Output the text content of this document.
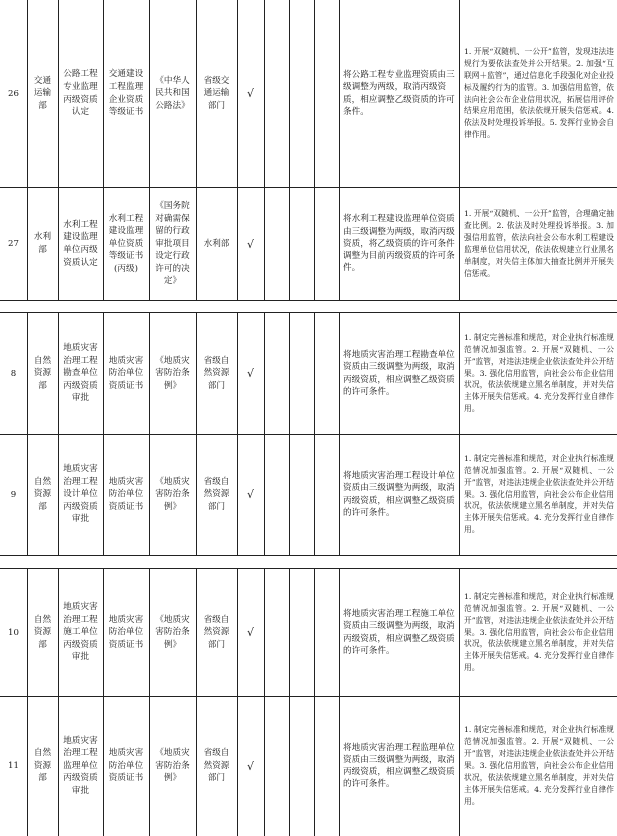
26
交通运输部
公路工程专业监理丙级资质认定
交通建设工程监理企业资质等级证书
《中华人民共和国公路法》
省级交通运输部门
√
将公路工程专业监理资质由三级调整为两级，取消丙级资质，相应调整乙级资质的许可条件。
1. 开展“双随机、一公开”监管，发现违法违规行为要依法查处并公开结果。2. 加强“互联网＋监管”，通过信息化手段强化对企业投标及履约行为的监管。3. 加强信用监管，依法向社会公布企业信用状况，拓展信用评价结果应用范围，依法依规开展失信惩戒。4. 依法及时处理投诉举报。5. 发挥行业协会自律作用。
27
水利部
水利工程建设监理单位丙级资质认定
水利工程建设监理单位资质等级证书(丙级)
《国务院对确需保留的行政审批项目设定行政许可的决定》
水利部	√
将水利工程建设监理单位资质由三级调整为两级，取消丙级资质，将乙级资质的许可条件调整为目前丙级资质的许可条件。
1. 开展“双随机、一公开”监管，合理确定抽查比例。2. 依法及时处理投诉举报。3. 加强信用监管，依法向社会公布水利工程建设监理单位信用状况，依法依规建立行业黑名单制度，对失信主体加大抽查比例并开展失信惩戒。
8
自然资源部
地质灾害治理工程勘查单位丙级资质审批
地质灾害防治单位资质证书
《地质灾害防治条例》
省级自然资源部门
√
将地质灾害治理工程勘查单位资质由三级调整为两级，取消丙级资质，相应调整乙级资质的许可条件。
1. 制定完善标准和规范，对企业执行标准规范情况加强监管。2. 开展“双随机、一公开”监管，对违法违规企业依法查处并公开结果。3. 强化信用监管，向社会公布企业信用状况，依法依规建立黑名单制度，并对失信主体开展失信惩戒。4. 充分发挥行业自律作用。
9
自然资源部
地质灾害治理工程设计单位丙级资质审批
地质灾害防治单位资质证书
《地质灾害防治条例》
省级自然资源部门
√
将地质灾害治理工程设计单位资质由三级调整为两级，取消丙级资质，相应调整乙级资质的许可条件。
1. 制定完善标准和规范，对企业执行标准规范情况加强监管。2. 开展“双随机、一公开”监管，对违法违规企业依法查处并公开结果。3. 强化信用监管，向社会公布企业信用状况，依法依规建立黑名单制度，并对失信主体开展失信惩戒。4. 充分发挥行业自律作用。
10
自然资源部
地质灾害治理工程施工单位丙级资质审批
地质灾害防治单位资质证书
《地质灾害防治条例》
省级自然资源部门
√
将地质灾害治理工程施工单位资质由三级调整为两级，取消丙级资质，相应调整乙级资质的许可条件。
1. 制定完善标准和规范，对企业执行标准规范情况加强监管。2. 开展“双随机、一公开”监管，对违法违规企业依法查处并公开结果。3. 强化信用监管，向社会公布企业信用状况，依法依规建立黑名单制度，并对失信主体开展失信惩戒。4. 充分发挥行业自律作用。
11
自然资源部
地质灾害治理工程监理单位丙级资质审批
地质灾害防治单位资质证书
《地质灾害防治条例》
省级自然资源部门
√
将地质灾害治理工程监理单位资质由三级调整为两级，取消丙级资质，相应调整乙级资质的许可条件。
1. 制定完善标准和规范，对企业执行标准规范情况加强监管。2. 开展“双随机、一公开”监管，对违法违规企业依法查处并公开结果。3. 强化信用监管，向社会公布企业信用状况，依法依规建立黑名单制度，并对失信主体开展失信惩戒。4. 充分发挥行业自律作用。
